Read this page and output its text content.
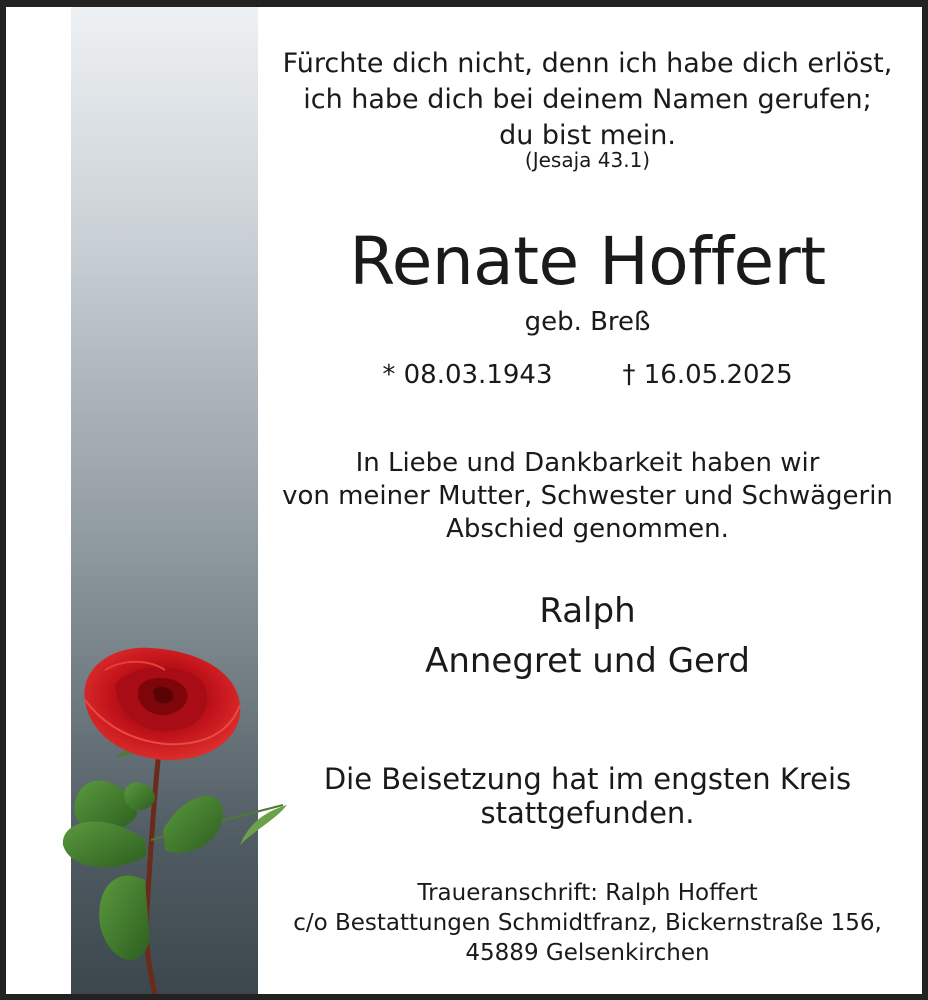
Fürchte dich nicht, denn ich habe dich erlöst,
ich habe dich bei deinem Namen gerufen;
du bist mein.
(Jesaja 43.1)
Renate Hoffert
geb. Breß
* 08.03.1943	† 16.05.2025
In Liebe und Dankbarkeit haben wir
von meiner Mutter, Schwester und Schwägerin
Abschied genommen.
Ralph
Annegret und Gerd
Die Beisetzung hat im engsten Kreis
stattgefunden.
Traueranschrift: Ralph Hoffert
c/o Bestattungen Schmidtfranz, Bickernstraße 156,
45889 Gelsenkirchen
